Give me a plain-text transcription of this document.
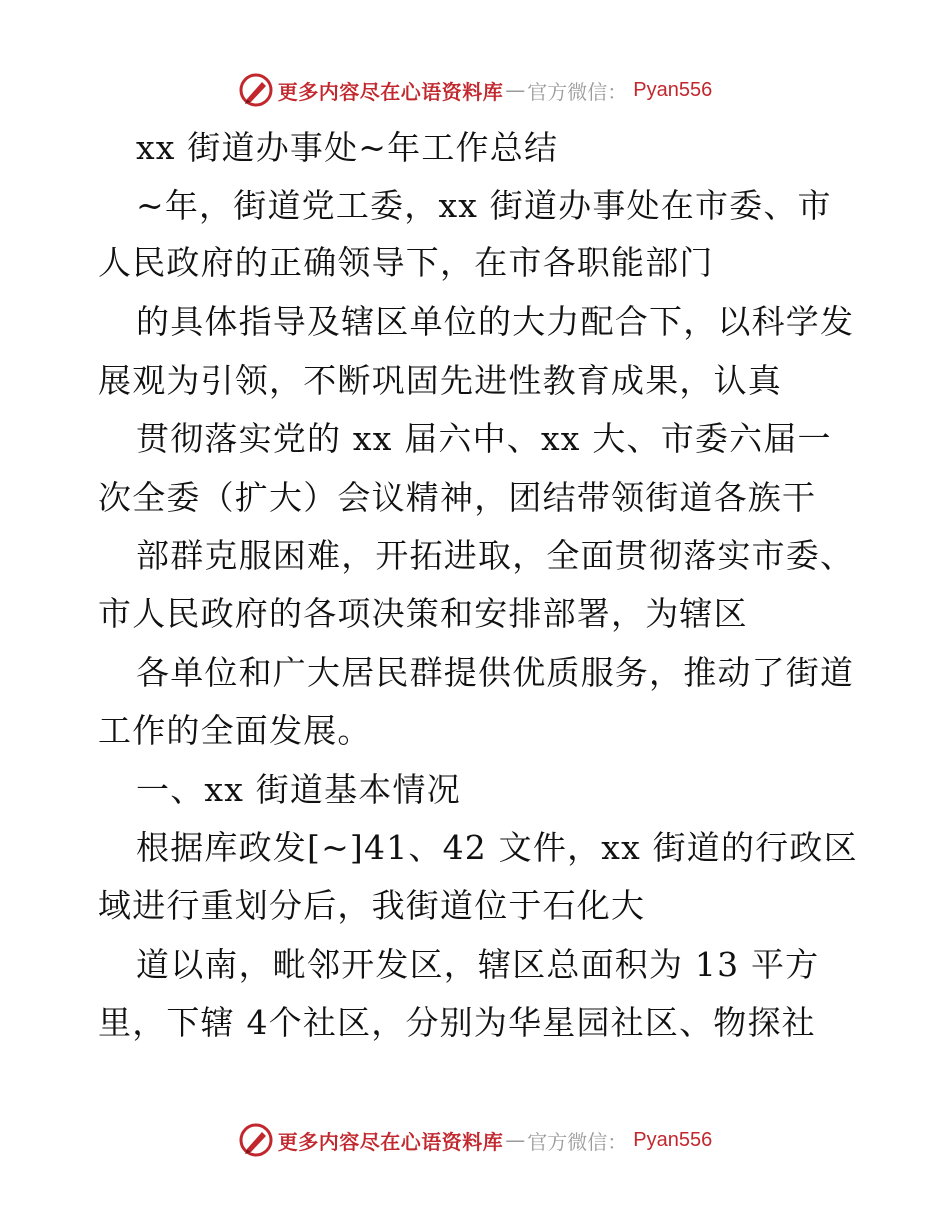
更多内容尽在心语资料库 — 官方微信 ： Pyan556
xx 街道办事处~年工作总结
~年，街道党工委，xx 街道办事处在市委、市
人民政府的正确领导下，在市各职能部门
的具体指导及辖区单位的大力配合下，以科学发
展观为引领，不断巩固先进性教育成果，认真
贯彻落实党的 xx 届六中、xx 大、市委六届一
次全委（扩大）会议精神，团结带领街道各族干
部群克服困难，开拓进取，全面贯彻落实市委、
市人民政府的各项决策和安排部署，为辖区
各单位和广大居民群提供优质服务，推动了街道
工作的全面发展。
一、xx 街道基本情况
根据库政发[~]41、42 文件，xx 街道的行政区
域进行重划分后，我街道位于石化大
道以南，毗邻开发区，辖区总面积为 13 平方
里，下辖 4个社区，分别为华星园社区、物探社
更多内容尽在心语资料库 — 官方微信 ： Pyan556
